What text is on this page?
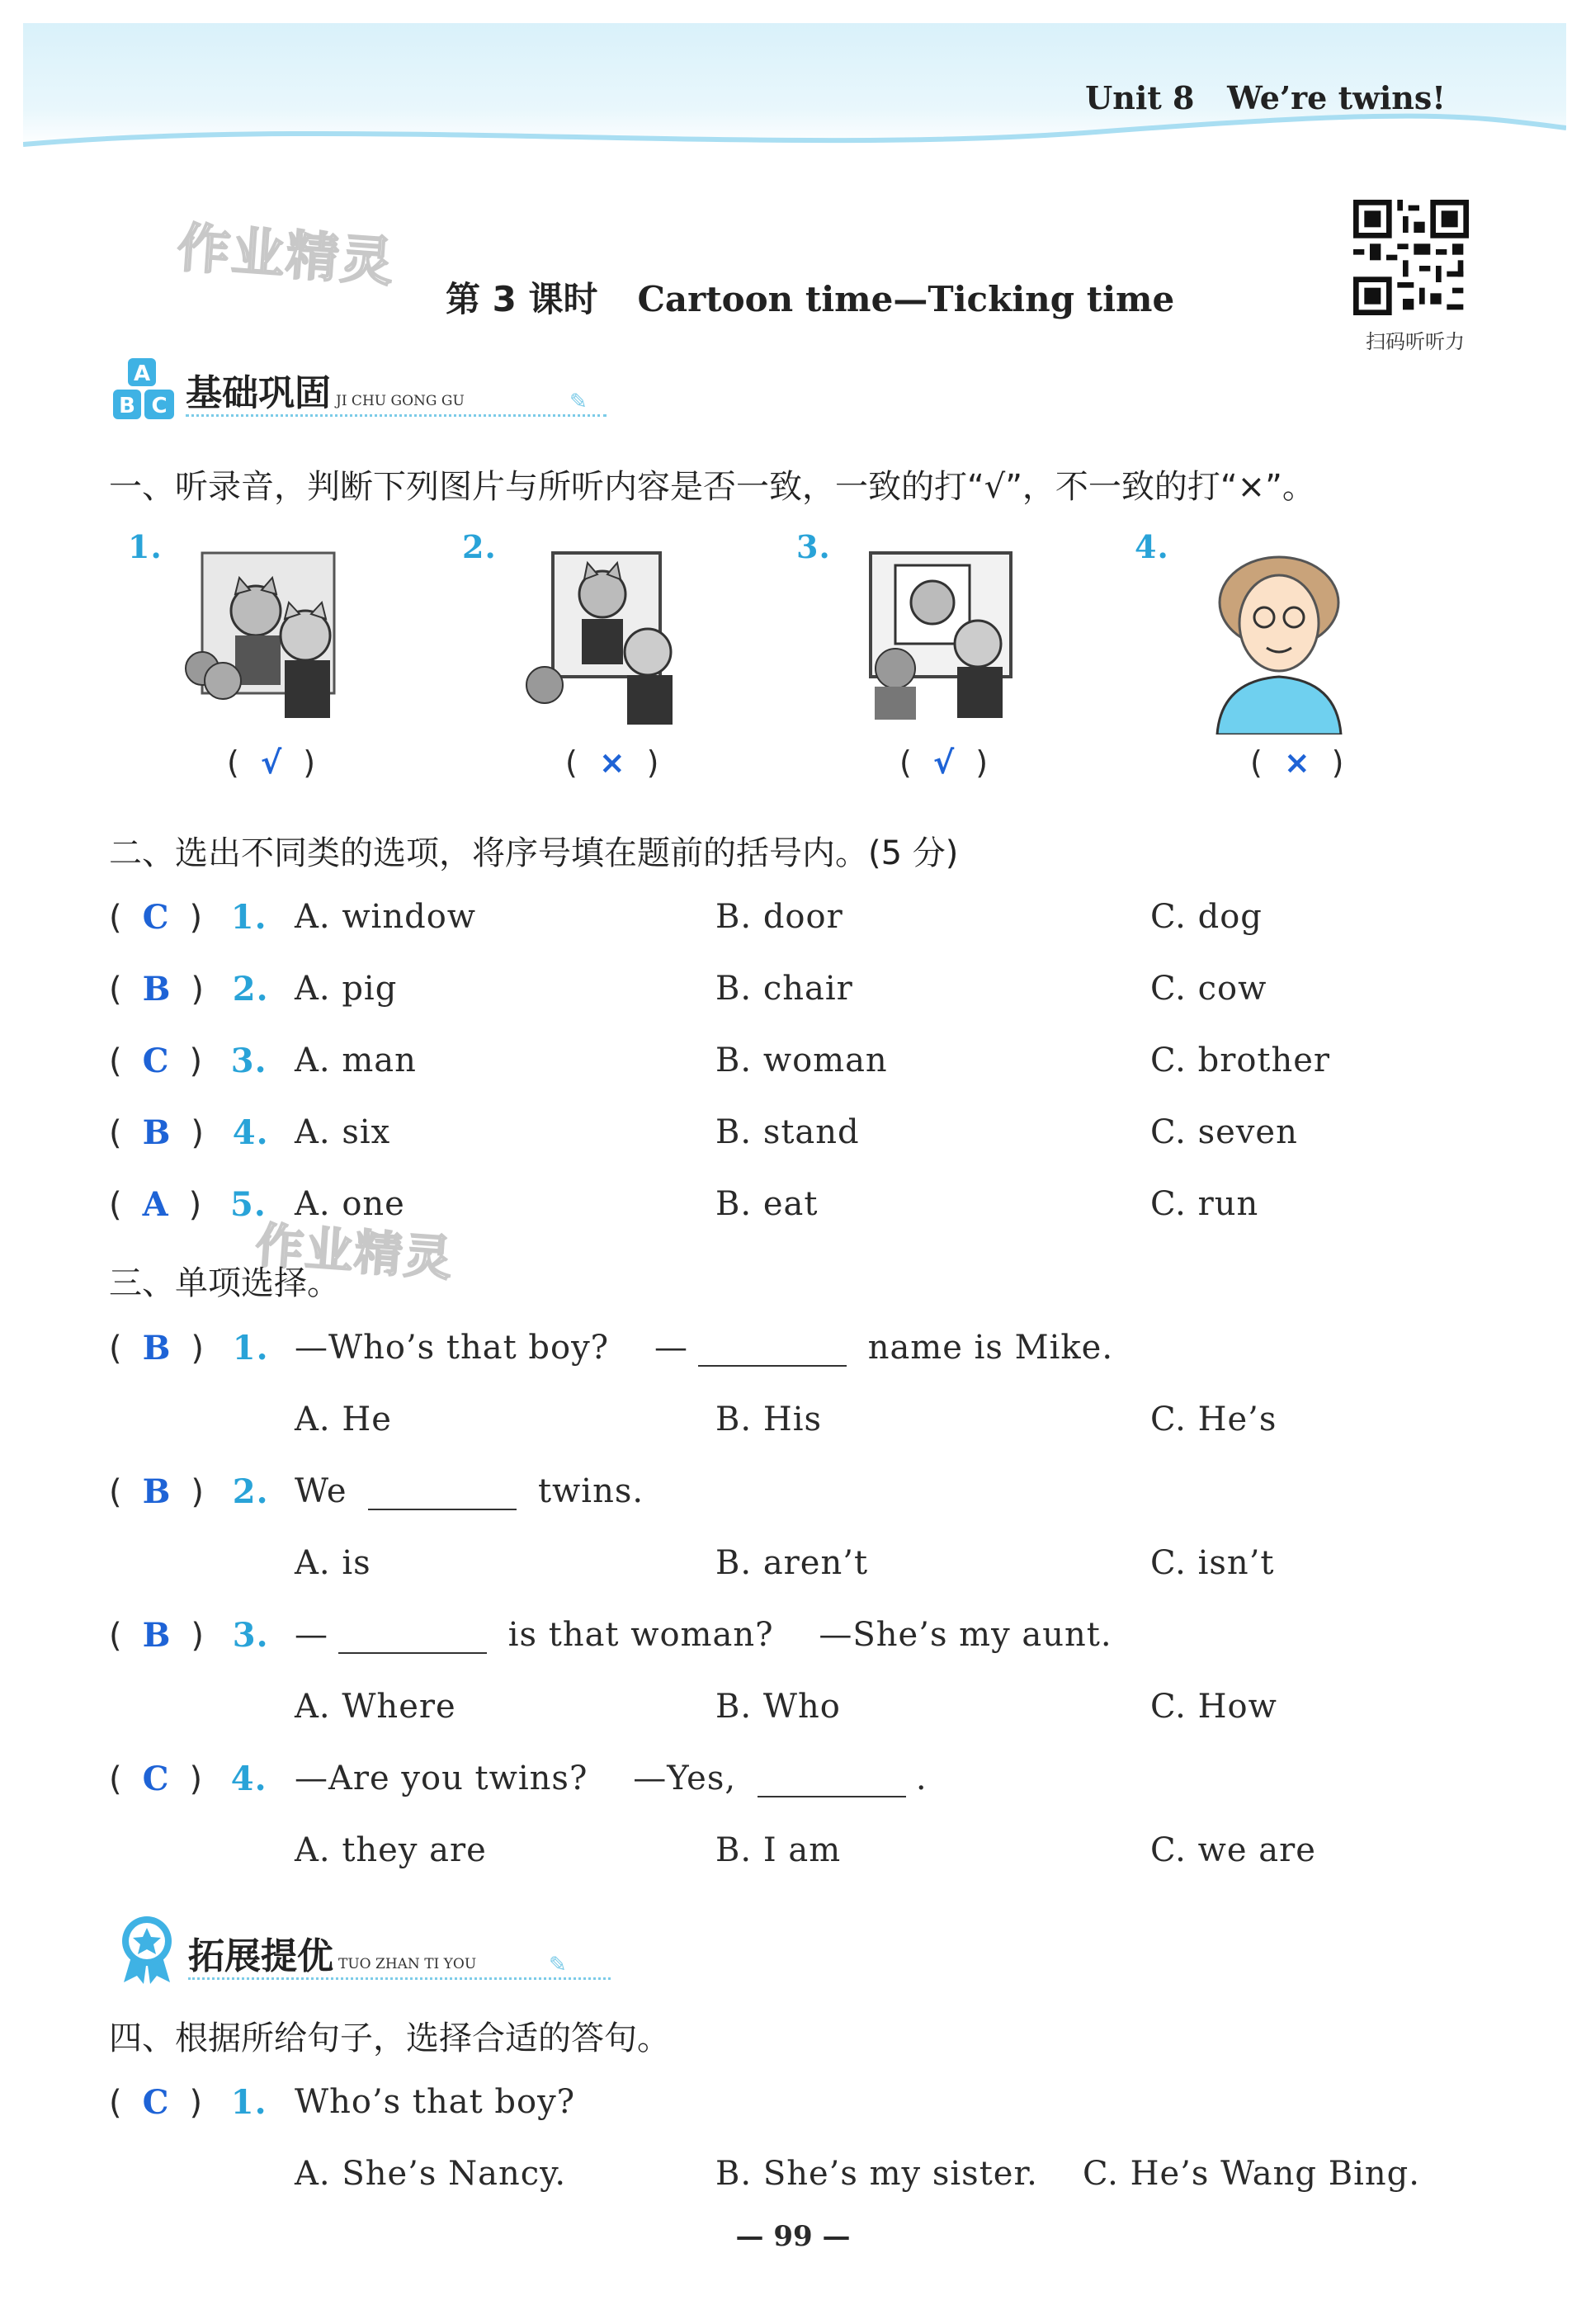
Unit 8   We’re twins!
作业精灵
作业精灵
第 3 课时 Cartoon time—Ticking time
扫码听听力
A
B C 基础巩固 JI CHU GONG GU	✎
一、听录音，判断下列图片与所听内容是否一致，一致的打“√”，不一致的打“×”。
1.
( √ )
2.
( × )
3.
( √ )
4.
( × )
二、选出不同类的选项，将序号填在题前的括号内。(5 分)
( C ) 1. A. window	B. door	C. dog
( B ) 2. A. pig	B. chair	C. cow
( C ) 3. A. man	B. woman	C. brother
( B ) 4. A. six	B. stand	C. seven
( A ) 5. A. one	B. eat	C. run
三、单项选择。
( B ) 1. —Who’s that boy?    —	name is Mike.
A. He	B. His	C. He’s
( B ) 2. We	twins.
A. is	B. aren’t	C. isn’t
( B ) 3. —	is that woman?    —She’s my aunt.
A. Where	B. Who	C. How
( C ) 4. —Are you twins?    —Yes,	.
A. they are	B. I am	C. we are
拓展提优 TUO ZHAN TI YOU	✎
四、根据所给句子，选择合适的答句。
( C ) 1. Who’s that boy?
A. She’s Nancy.	B. She’s my sister. C. He’s Wang Bing.
— 99 —
